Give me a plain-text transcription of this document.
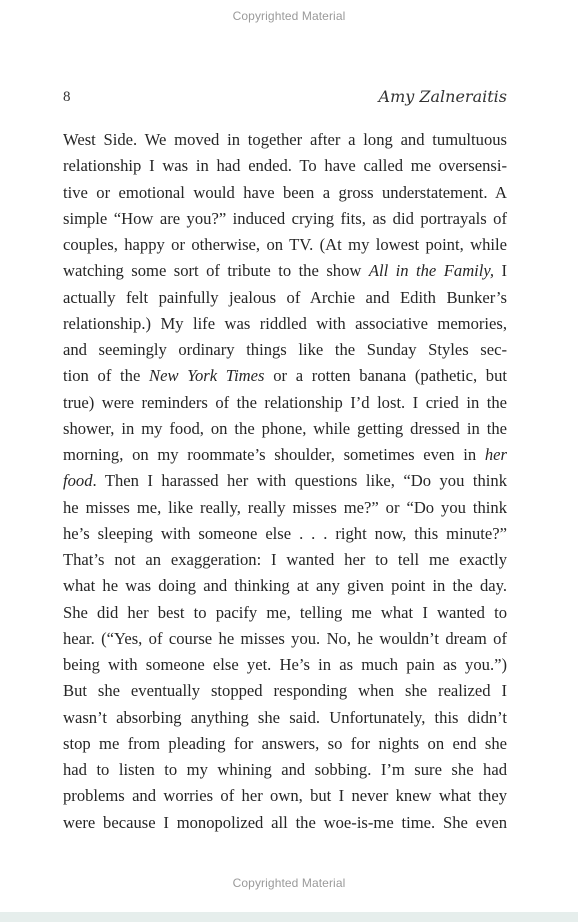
Copyrighted Material
8	Amy Zalneraitis
West Side. We moved in together after a long and tumultuous
relationship I was in had ended. To have called me oversensi-
tive or emotional would have been a gross understatement. A
simple “How are you?” induced crying fits, as did portrayals of
couples, happy or otherwise, on TV. (At my lowest point, while
watching some sort of tribute to the show All in the Family, I
actually felt painfully jealous of Archie and Edith Bunker’s
relationship.) My life was riddled with associative memories,
and seemingly ordinary things like the Sunday Styles sec-
tion of the New York Times or a rotten banana (pathetic, but
true) were reminders of the relationship I’d lost. I cried in the
shower, in my food, on the phone, while getting dressed in the
morning, on my roommate’s shoulder, sometimes even in her
food. Then I harassed her with questions like, “Do you think
he misses me, like really, really misses me?” or “Do you think
he’s sleeping with someone else . . . right now, this minute?”
That’s not an exaggeration: I wanted her to tell me exactly
what he was doing and thinking at any given point in the day.
She did her best to pacify me, telling me what I wanted to
hear. (“Yes, of course he misses you. No, he wouldn’t dream of
being with someone else yet. He’s in as much pain as you.”)
But she eventually stopped responding when she realized I
wasn’t absorbing anything she said. Unfortunately, this didn’t
stop me from pleading for answers, so for nights on end she
had to listen to my whining and sobbing. I’m sure she had
problems and worries of her own, but I never knew what they
were because I monopolized all the woe-is-me time. She even
Copyrighted Material
